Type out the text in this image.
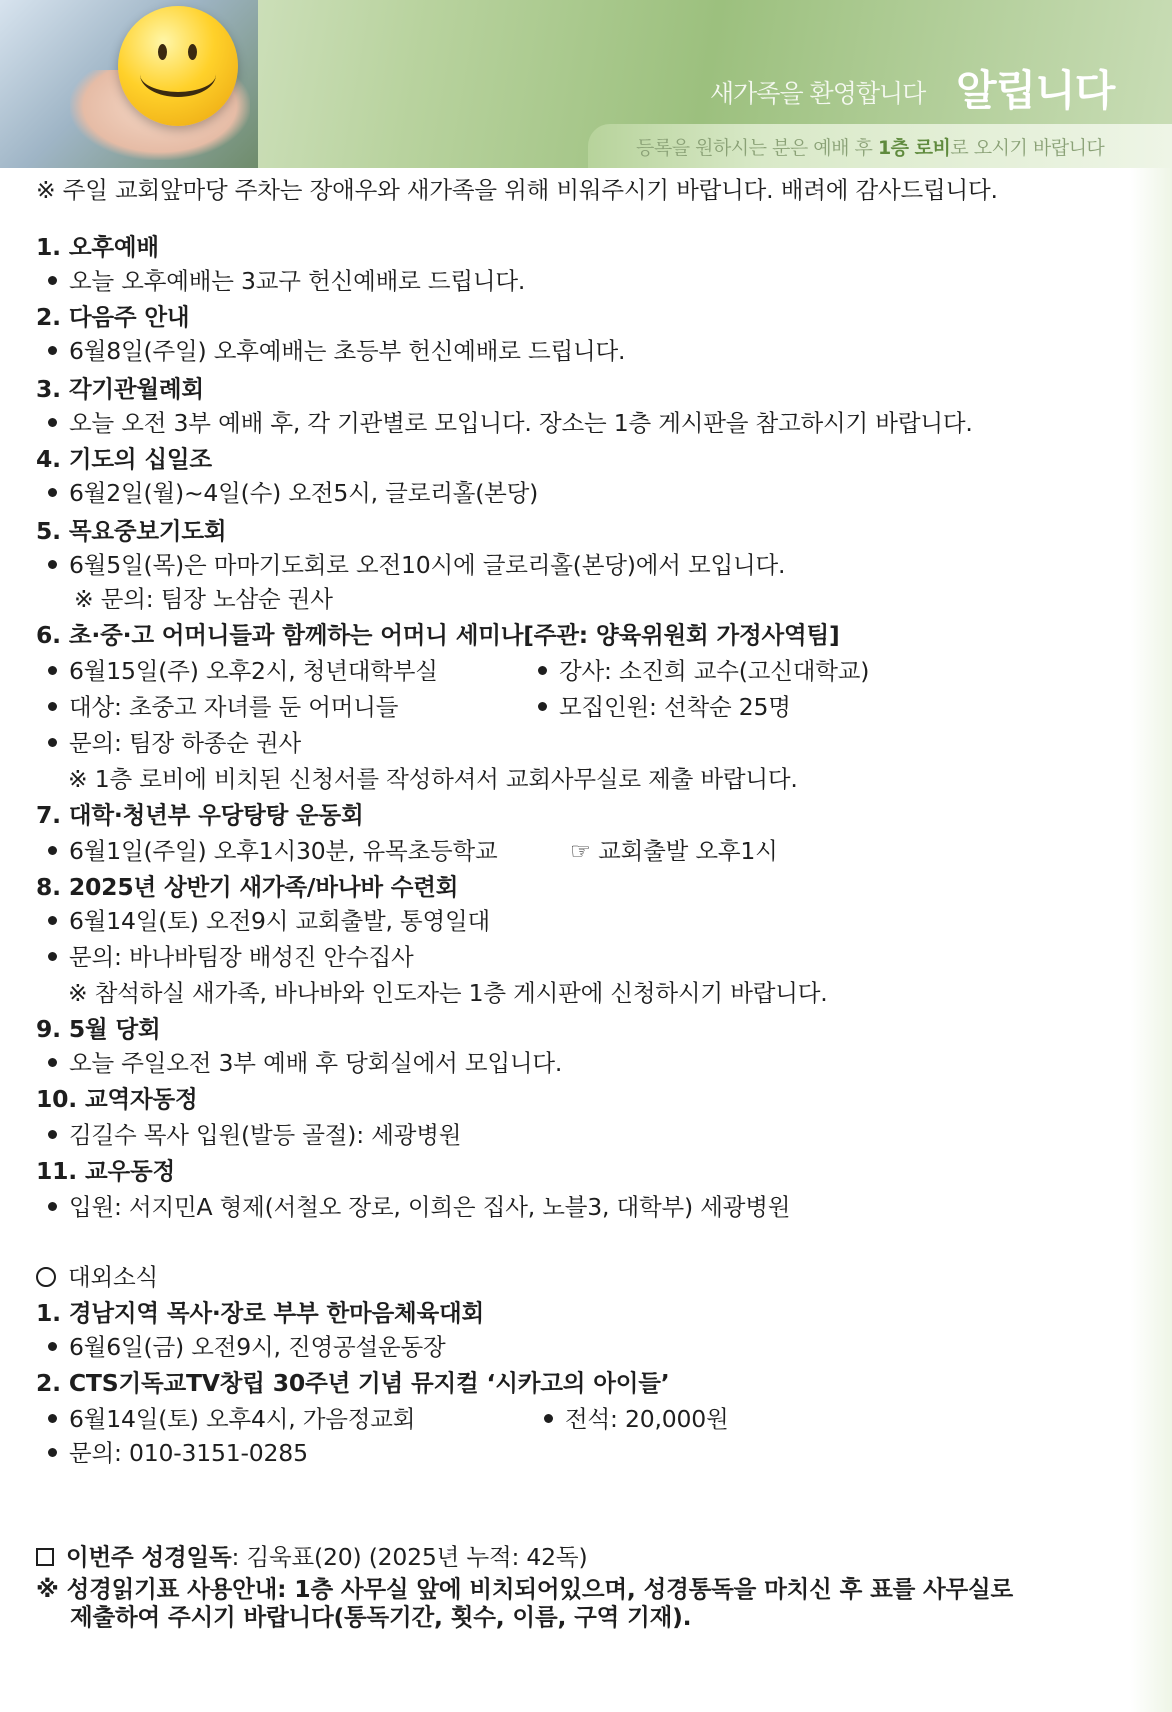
새가족을 환영합니다 알립니다
등록을 원하시는 분은 예배 후 1층 로비로 오시기 바랍니다
※ 주일 교회앞마당 주차는 장애우와 새가족을 위해 비워주시기 바랍니다. 배려에 감사드립니다.
1. 오후예배
오늘 오후예배는 3교구 헌신예배로 드립니다.
2. 다음주 안내
6월8일(주일) 오후예배는 초등부 헌신예배로 드립니다.
3. 각기관월례회
오늘 오전 3부 예배 후, 각 기관별로 모입니다. 장소는 1층 게시판을 참고하시기 바랍니다.
4. 기도의 십일조
6월2일(월)~4일(수) 오전5시, 글로리홀(본당)
5. 목요중보기도회
6월5일(목)은 마마기도회로 오전10시에 글로리홀(본당)에서 모입니다.
※ 문의: 팀장 노삼순 권사
6. 초·중·고 어머니들과 함께하는 어머니 세미나[주관: 양육위원회 가정사역팀]
6월15일(주) 오후2시, 청년대학부실	강사: 소진희 교수(고신대학교)
대상: 초중고 자녀를 둔 어머니들	모집인원: 선착순 25명
문의: 팀장 하종순 권사
※ 1층 로비에 비치된 신청서를 작성하셔서 교회사무실로 제출 바랍니다.
7. 대학·청년부 우당탕탕 운동회
6월1일(주일) 오후1시30분, 유목초등학교	☞ 교회출발 오후1시
8. 2025년 상반기 새가족/바나바 수련회
6월14일(토) 오전9시 교회출발, 통영일대
문의: 바나바팀장 배성진 안수집사
※ 참석하실 새가족, 바나바와 인도자는 1층 게시판에 신청하시기 바랍니다.
9. 5월 당회
오늘 주일오전 3부 예배 후 당회실에서 모입니다.
10. 교역자동정
김길수 목사 입원(발등 골절): 세광병원
11. 교우동정
입원: 서지민A 형제(서철오 장로, 이희은 집사, 노블3, 대학부) 세광병원
대외소식
1. 경남지역 목사·장로 부부 한마음체육대회
6월6일(금) 오전9시, 진영공설운동장
2. CTS기독교TV창립 30주년 기념 뮤지컬 ‘시카고의 아이들’
6월14일(토) 오후4시, 가음정교회	전석: 20,000원
문의: 010-3151-0285
이번주 성경일독: 김욱표(20) (2025년 누적: 42독)
※ 성경읽기표 사용안내: 1층 사무실 앞에 비치되어있으며, 성경통독을 마치신 후 표를 사무실로
제출하여 주시기 바랍니다(통독기간, 횟수, 이름, 구역 기재).
